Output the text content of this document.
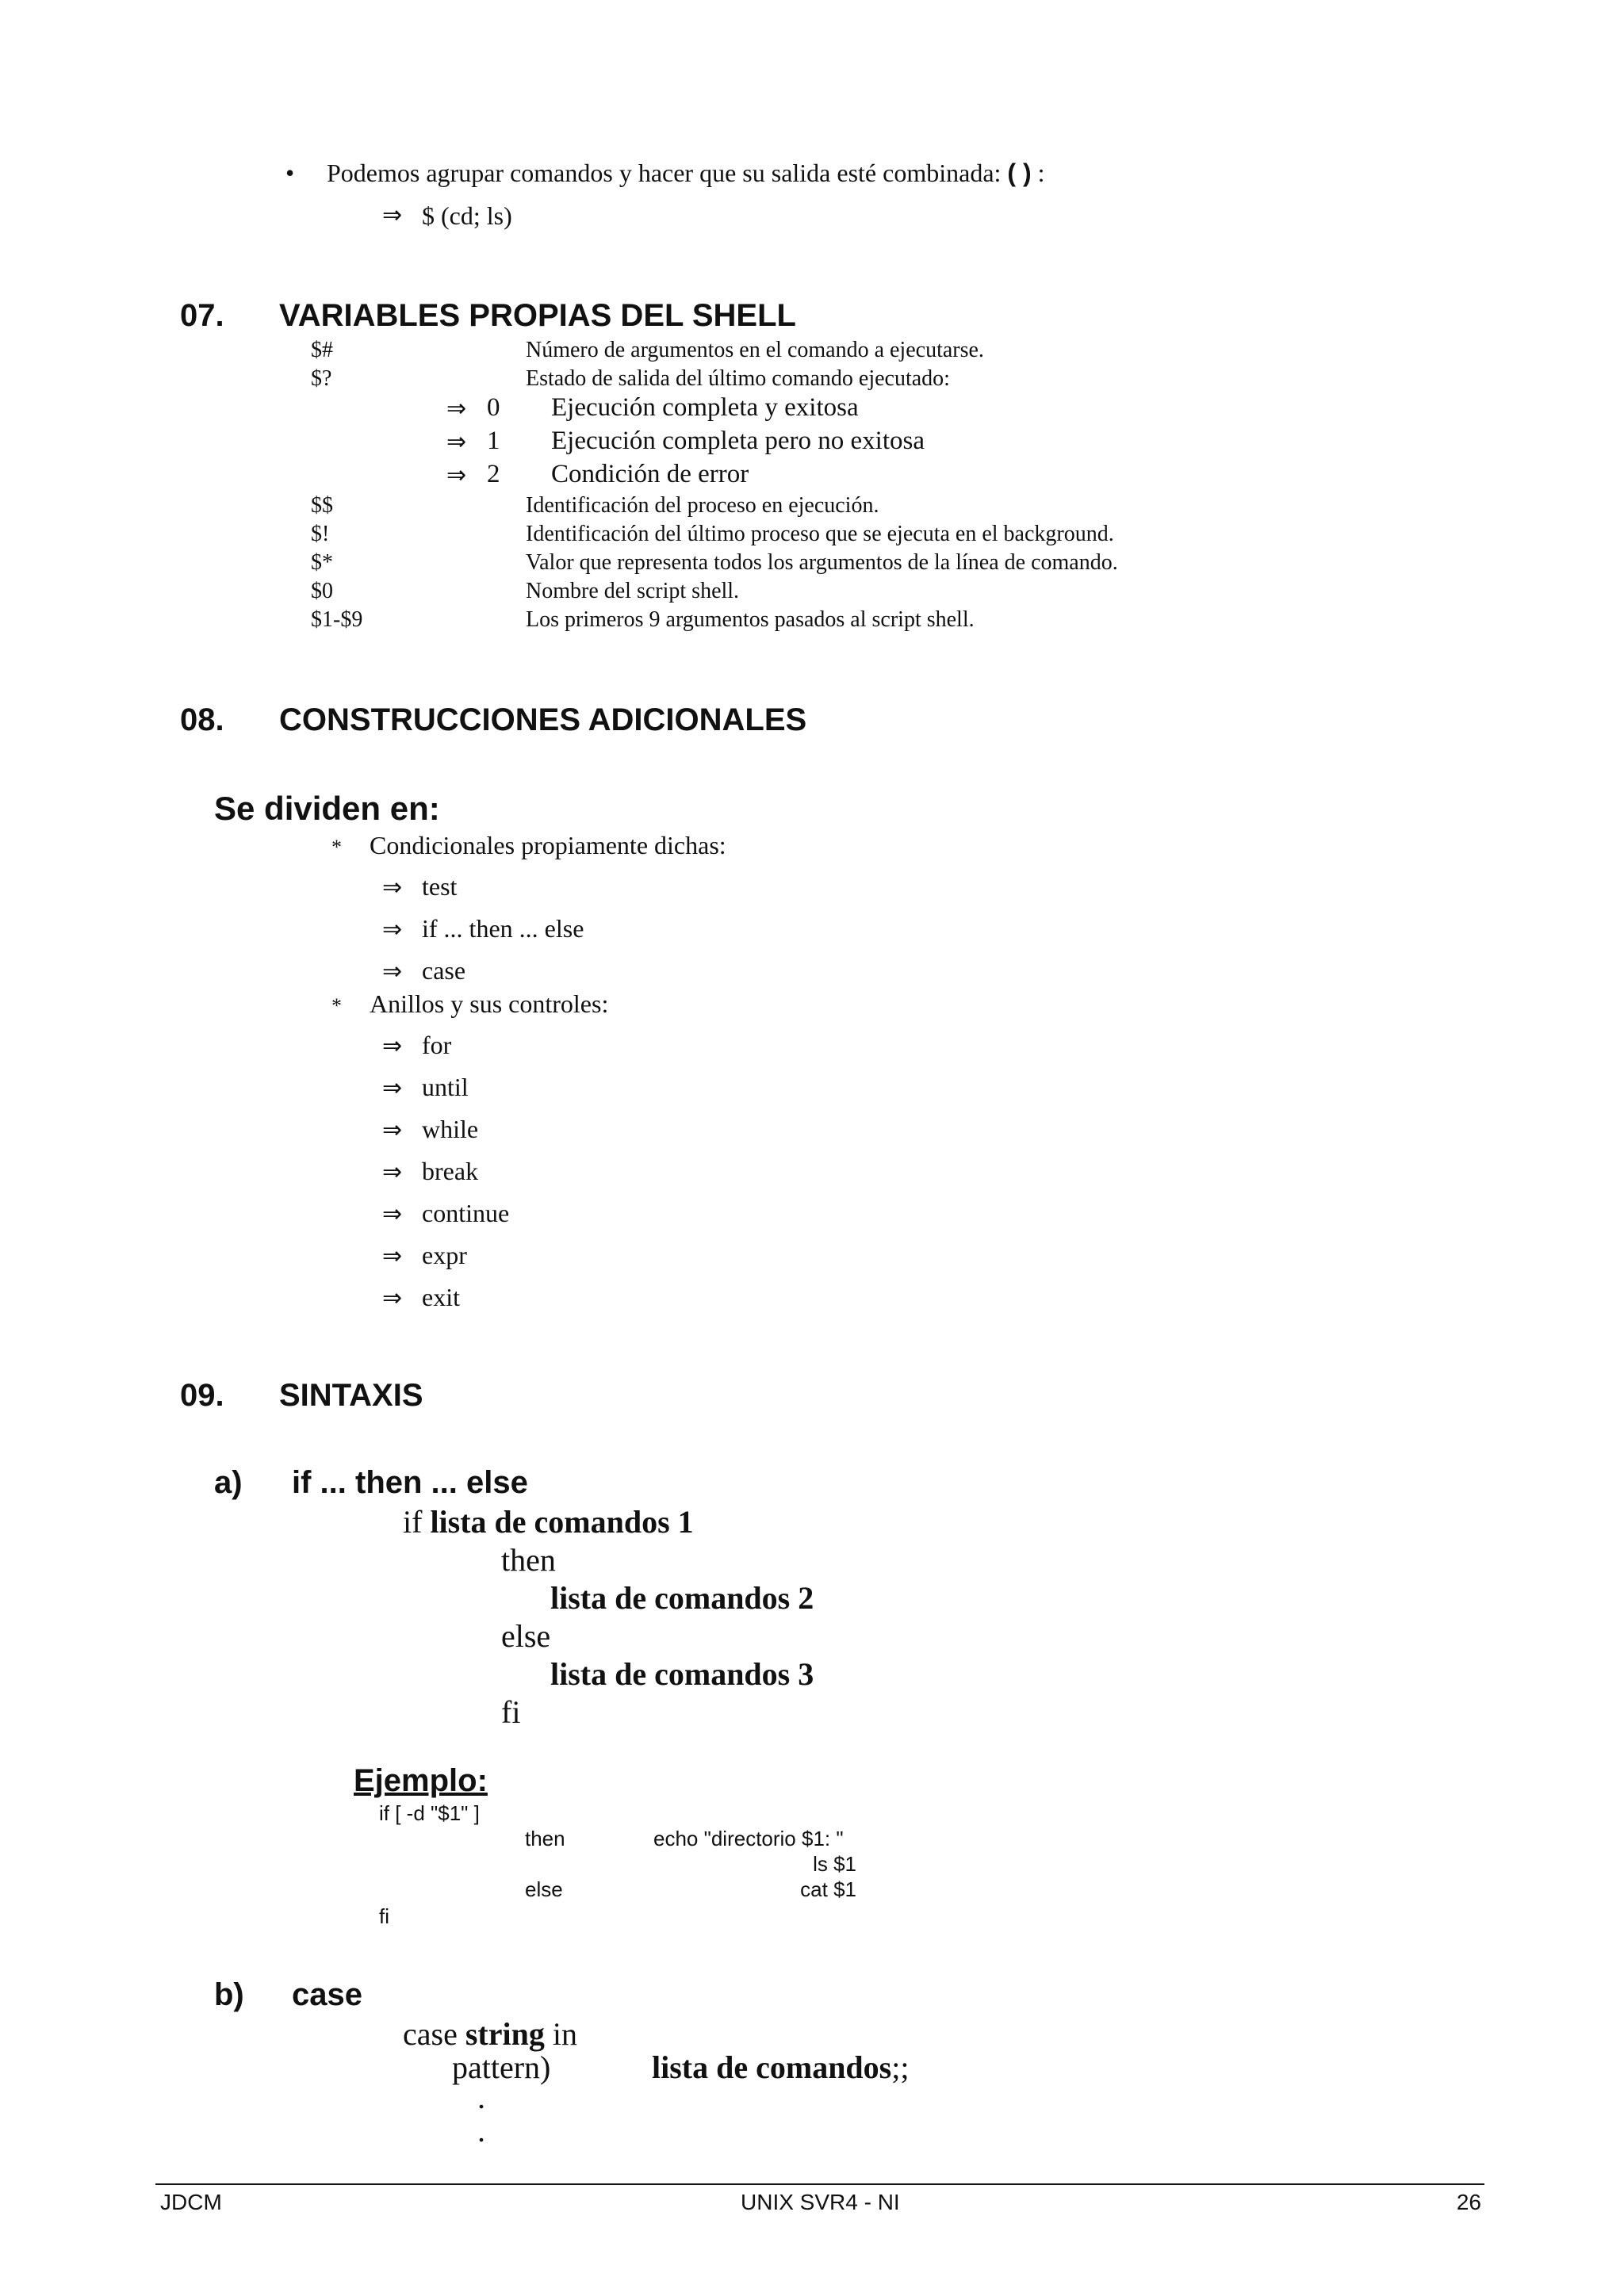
• Podemos agrupar comandos y hacer que su salida esté combinada: ( ) :
⇒ $ (cd; ls)
07. VARIABLES PROPIAS DEL SHELL
$#	Número de argumentos en el comando a ejecutarse.
$?	Estado de salida del último comando ejecutado:
⇒ 0 Ejecución completa y exitosa
⇒ 1 Ejecución completa pero no exitosa
⇒ 2 Condición de error
$$	Identificación del proceso en ejecución.
$!	Identificación del último proceso que se ejecuta en el background.
$*	Valor que representa todos los argumentos de la línea de comando.
$0	Nombre del script shell.
$1-$9	Los primeros 9 argumentos pasados al script shell.
08. CONSTRUCCIONES ADICIONALES
Se dividen en:
* Condicionales propiamente dichas:
⇒ test
⇒ if ... then ... else
⇒ case
* Anillos y sus controles:
⇒ for
⇒ until
⇒ while
⇒ break
⇒ continue
⇒ expr
⇒ exit
09. SINTAXIS
a) if ... then ... else
if lista de comandos 1
then
lista de comandos 2
else
lista de comandos 3
fi
Ejemplo:
if [ -d "$1" ]
then	echo "directorio $1: "
ls $1
else	cat $1
fi
b) case
case string in
pattern)	lista de comandos;;
.
.
JDCM	UNIX SVR4 - NI	26
